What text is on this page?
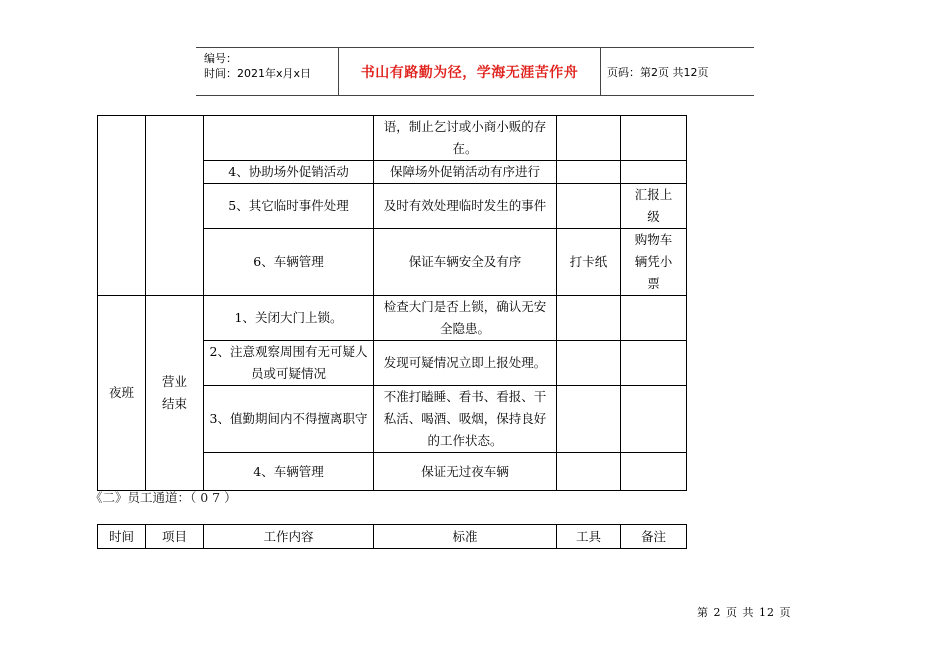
编号：
时间：2021年x月x日	书山有路勤为径，学海无涯苦作舟	页码：第2页 共12页
			语，制止乞讨或小商小贩的存在。		
		4、协助场外促销活动	保障场外促销活动有序进行		
		5、其它临时事件处理	及时有效处理临时发生的事件		汇报上级
		6、车辆管理	保证车辆安全及有序	打卡纸	购物车辆凭小票
夜班	营业结束	1、关闭大门上锁。	检查大门是否上锁，确认无安全隐患。		
		2、注意观察周围有无可疑人员或可疑情况	发现可疑情况立即上报处理。		
		3、值勤期间内不得擅离职守	不准打瞌睡、看书、看报、干私活、喝酒、吸烟，保持良好的工作状态。		
		4、车辆管理	保证无过夜车辆		
《二》员工通道：（ 0 7 ）
时间	项目	工作内容	标准	工具	备注
第 2 页 共 12 页
